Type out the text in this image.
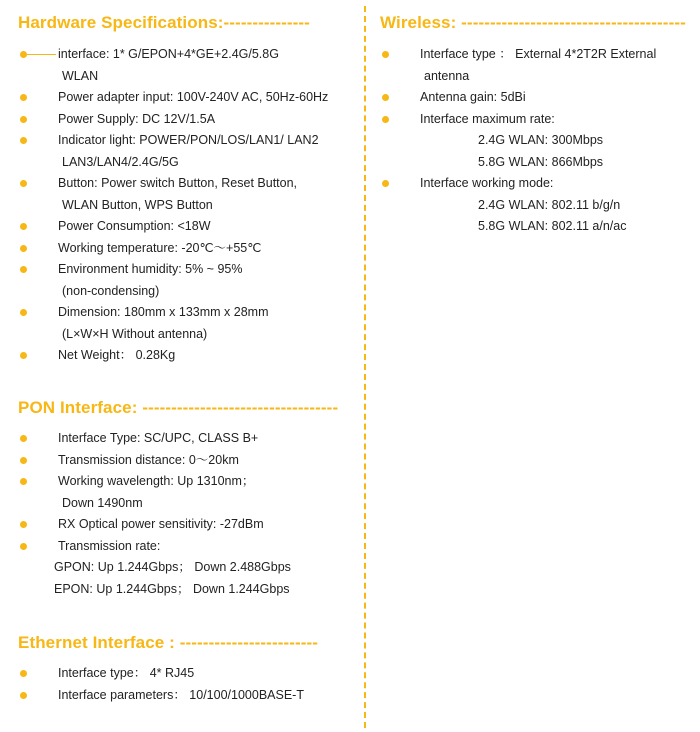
Hardware Specifications:---------------
interface: 1* G/EPON+4*GE+2.4G/5.8G
WLAN
Power adapter input: 100V-240V AC, 50Hz-60Hz
Power Supply: DC 12V/1.5A
Indicator light: POWER/PON/LOS/LAN1/ LAN2
LAN3/LAN4/2.4G/5G
Button: Power switch Button, Reset Button,
WLAN Button, WPS Button
Power Consumption: <18W
Working temperature: -20℃～+55℃
Environment humidity: 5% ~ 95%
(non-condensing)
Dimension: 180mm x 133mm x 28mm
(L×W×H Without antenna)
Net Weight： 0.28Kg
PON Interface: ----------------------------------
Interface Type: SC/UPC, CLASS B+
Transmission distance: 0～20km
Working wavelength: Up 1310nm；
Down 1490nm
RX Optical power sensitivity: -27dBm
Transmission rate:
GPON: Up 1.244Gbps； Down 2.488Gbps
EPON: Up 1.244Gbps； Down 1.244Gbps
Ethernet Interface : ------------------------
Interface type： 4* RJ45
Interface parameters： 10/100/1000BASE-T
Wireless: ---------------------------------------
Interface type ： External 4*2T2R External
antenna
Antenna gain: 5dBi
Interface maximum rate:
2.4G WLAN: 300Mbps
5.8G WLAN: 866Mbps
Interface working mode:
2.4G WLAN: 802.11 b/g/n
5.8G WLAN: 802.11 a/n/ac
